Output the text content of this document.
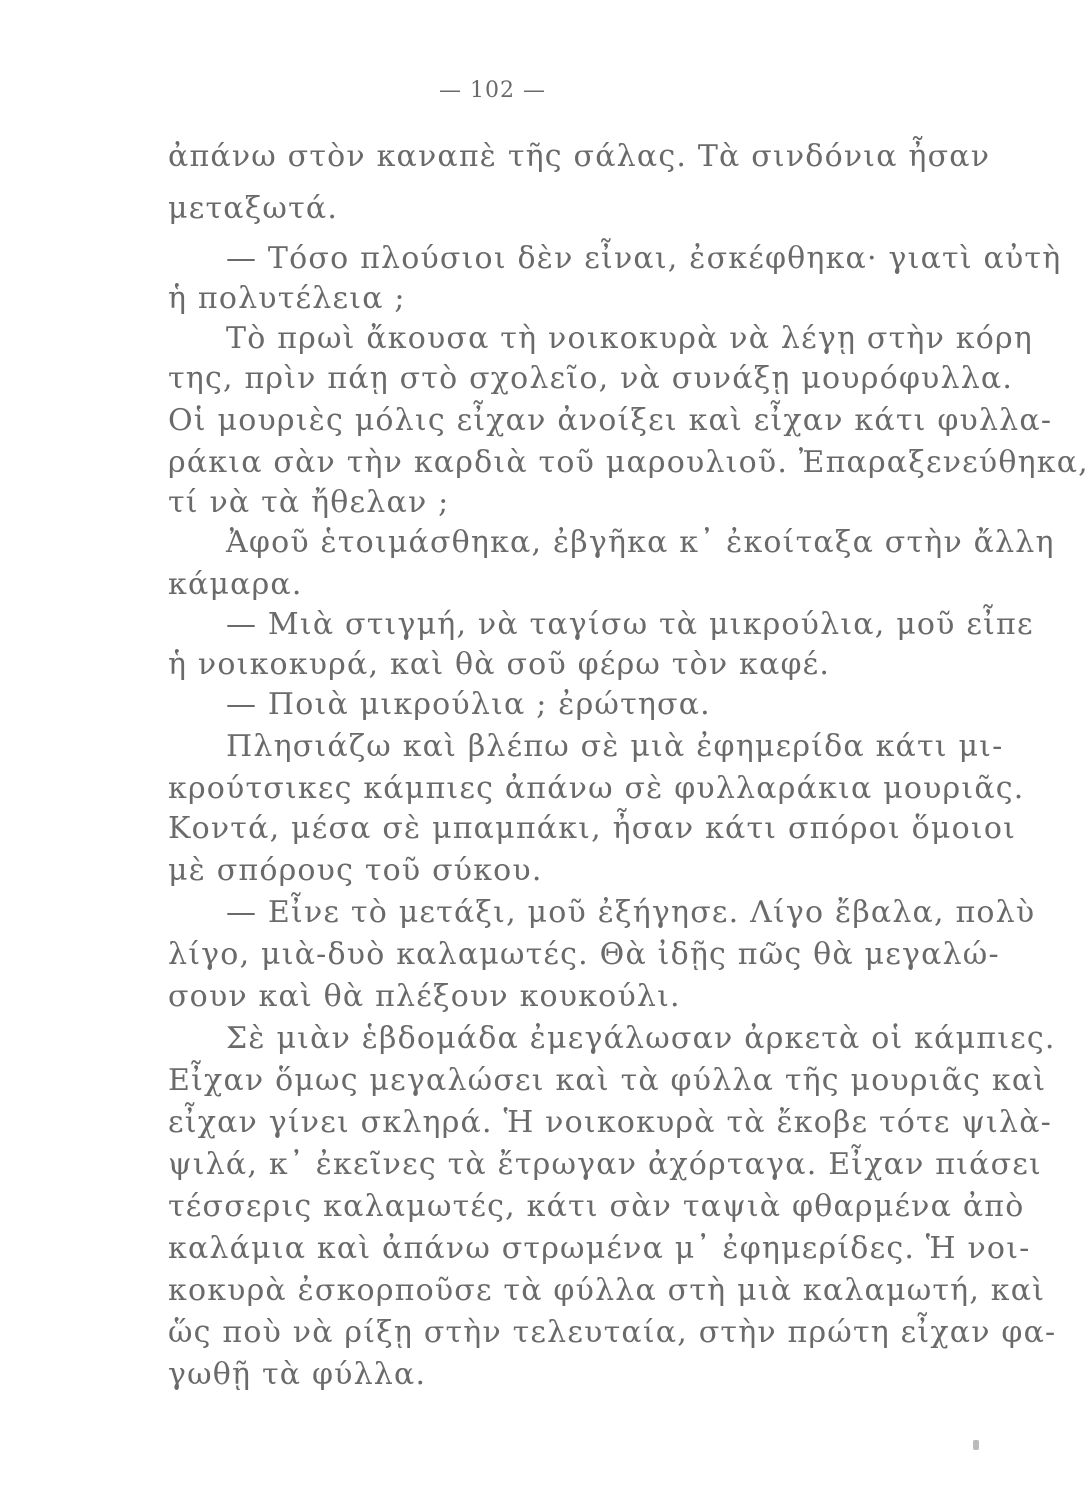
— 102 —
ἀπάνω στὸν καναπὲ τῆς σάλας. Τὰ σινδόνια ἦσαν
μεταξωτά.
— Τόσο πλούσιοι δὲν εἶναι, ἐσκέφθηκα· γιατὶ αὐτὴ
ἡ πολυτέλεια ;
Τὸ πρωὶ ἄκουσα τὴ νοικοκυρὰ νὰ λέγῃ στὴν κόρη
της, πρὶν πάῃ στὸ σχολεῖο, νὰ συνάξῃ μουρόφυλλα.
Οἱ μουριὲς μόλις εἶχαν ἀνοίξει καὶ εἶχαν κάτι φυλλα-
ράκια σὰν τὴν καρδιὰ τοῦ μαρουλιοῦ. Ἐπαραξενεύθηκα,
τί νὰ τὰ ἤθελαν ;
Ἀφοῦ ἑτοιμάσθηκα, ἐβγῆκα κ᾿ ἐκοίταξα στὴν ἄλλη
κάμαρα.
— Μιὰ στιγμή, νὰ ταγίσω τὰ μικρούλια, μοῦ εἶπε
ἡ νοικοκυρά, καὶ θὰ σοῦ φέρω τὸν καφέ.
— Ποιὰ μικρούλια ; ἐρώτησα.
Πλησιάζω καὶ βλέπω σὲ μιὰ ἐφημερίδα κάτι μι-
κρούτσικες κάμπιες ἀπάνω σὲ φυλλαράκια μουριᾶς.
Κοντά, μέσα σὲ μπαμπάκι, ἦσαν κάτι σπόροι ὅμοιοι
μὲ σπόρους τοῦ σύκου.
— Εἶνε τὸ μετάξι, μοῦ ἐξήγησε. Λίγο ἔβαλα, πολὺ
λίγο, μιὰ-δυὸ καλαμωτές. Θὰ ἰδῇς πῶς θὰ μεγαλώ-
σουν καὶ θὰ πλέξουν κουκούλι.
Σὲ μιὰν ἑβδομάδα ἐμεγάλωσαν ἀρκετὰ οἱ κάμπιες.
Εἶχαν ὅμως μεγαλώσει καὶ τὰ φύλλα τῆς μουριᾶς καὶ
εἶχαν γίνει σκληρά. Ἡ νοικοκυρὰ τὰ ἔκοβε τότε ψιλὰ-
ψιλά, κ᾿ ἐκεῖνες τὰ ἔτρωγαν ἀχόρταγα. Εἶχαν πιάσει
τέσσερις καλαμωτές, κάτι σὰν ταψιὰ φθαρμένα ἀπὸ
καλάμια καὶ ἀπάνω στρωμένα μ᾿ ἐφημερίδες. Ἡ νοι-
κοκυρὰ ἐσκορποῦσε τὰ φύλλα στὴ μιὰ καλαμωτή, καὶ
ὥς ποὺ νὰ ρίξῃ στὴν τελευταία, στὴν πρώτη εἶχαν φα-
γωθῇ τὰ φύλλα.
